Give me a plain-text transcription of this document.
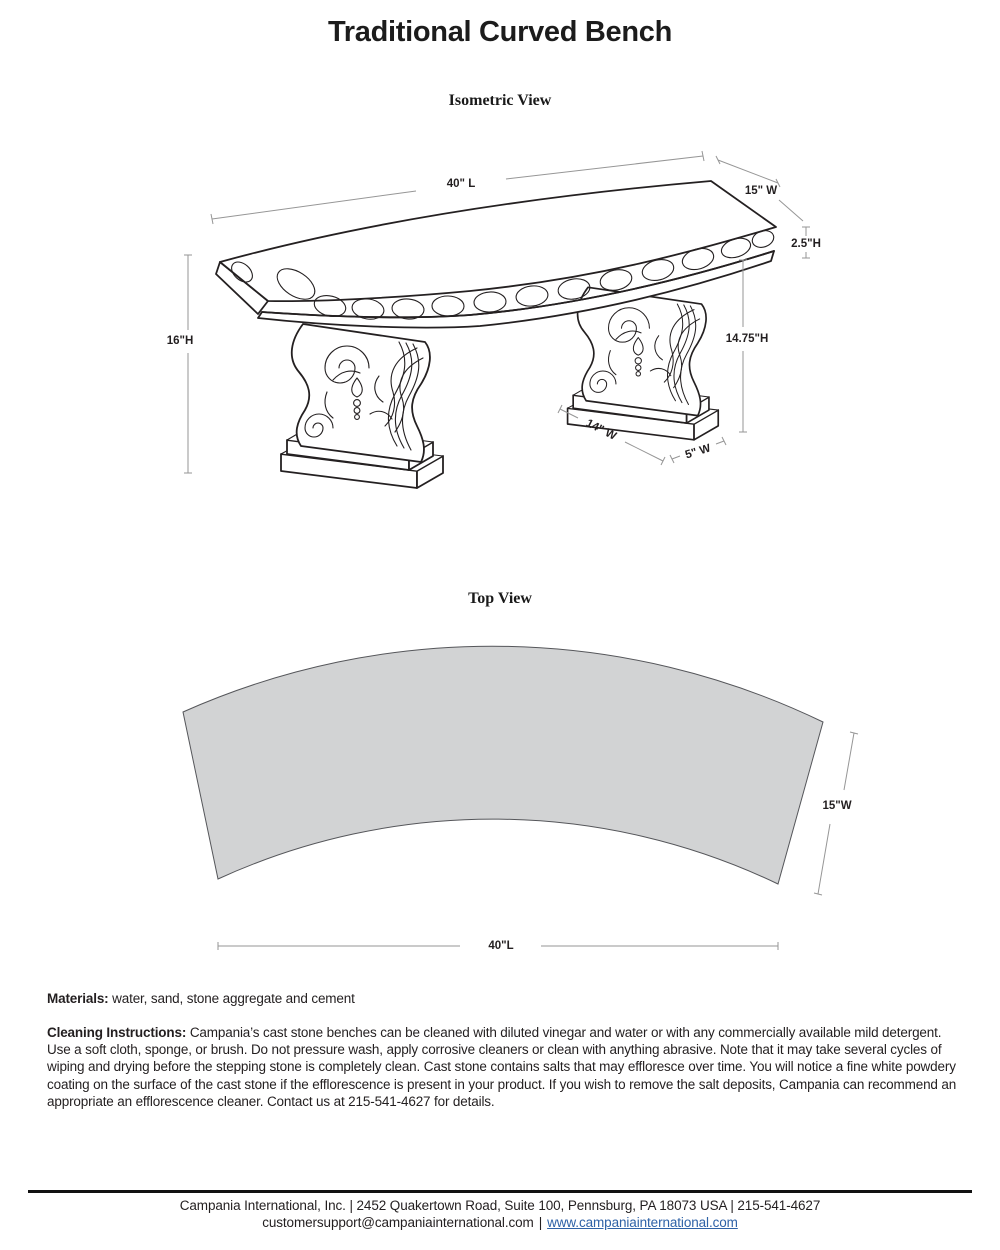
Traditional Curved Bench
Isometric View
40" L
15" W
2.5"H
16"H	14.75"H
14" W
5" W
Top View
15"W
40"L

Materials: water, sand, stone aggregate and cement

Cleaning Instructions: Campania’s cast stone benches can be cleaned with diluted vinegar and water or with any commercially available mild detergent. Use a soft cloth, sponge, or brush. Do not pressure wash, apply corrosive cleaners or clean with anything abrasive. Note that it may take several cycles of wiping and drying before the stepping stone is completely clean. Cast stone contains salts that may effloresce over time. You will notice a fine white powdery coating on the surface of the cast stone if the efflorescence is present in your product. If you wish to remove the salt deposits, Campania can recommend an appropriate an efflorescence cleaner. Contact us at 215-541-4627 for details.

Campania International, Inc. | 2452 Quakertown Road, Suite 100, Pennsburg, PA 18073 USA | 215-541-4627
customersupport@campaniainternational.com | www.campaniainternational.com
